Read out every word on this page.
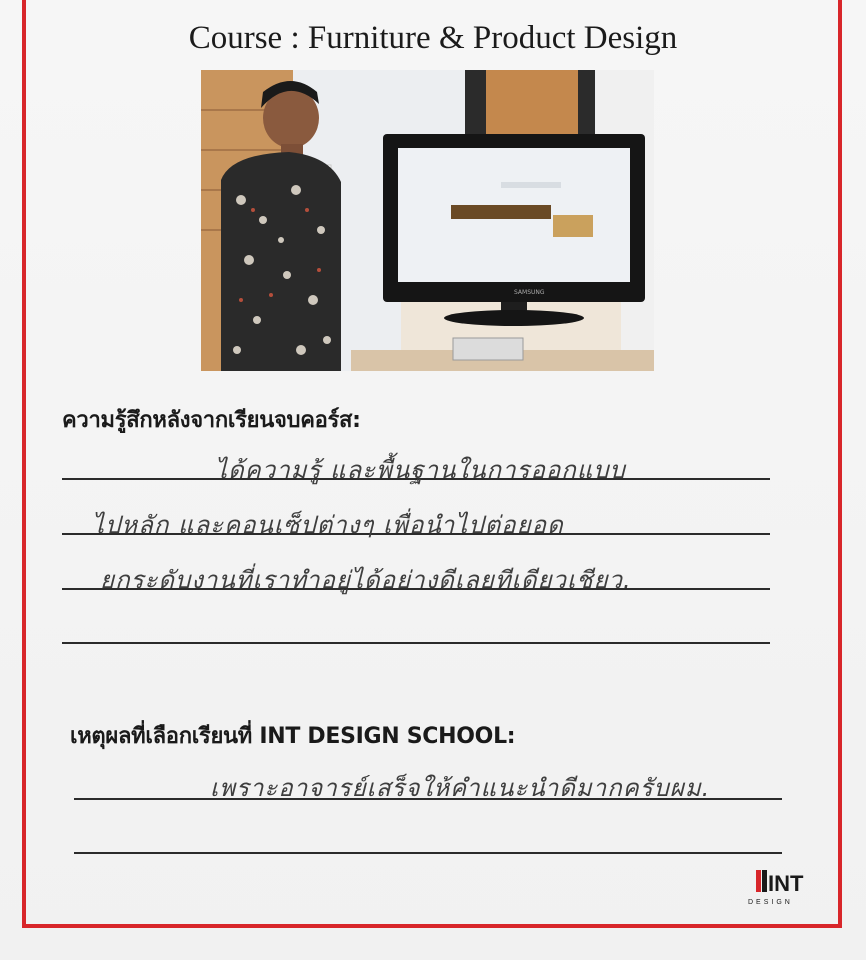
Course : Furniture & Product Design
SAMSUNG
ความรู้สึกหลังจากเรียนจบคอร์ส:
ได้ความรู้ และพื้นฐานในการออกแบบ
ไปหลัก และคอนเซ็ปต่างๆ เพื่อนำไปต่อยอด
ยกระดับงานที่เราทำอยู่ได้อย่างดีเลยทีเดียวเชียว.
เหตุผลที่เลือกเรียนที่ INT DESIGN SCHOOL:
เพราะอาจารย์เสร็จให้คำแนะนำดีมากครับผม.
INT
DESIGN
